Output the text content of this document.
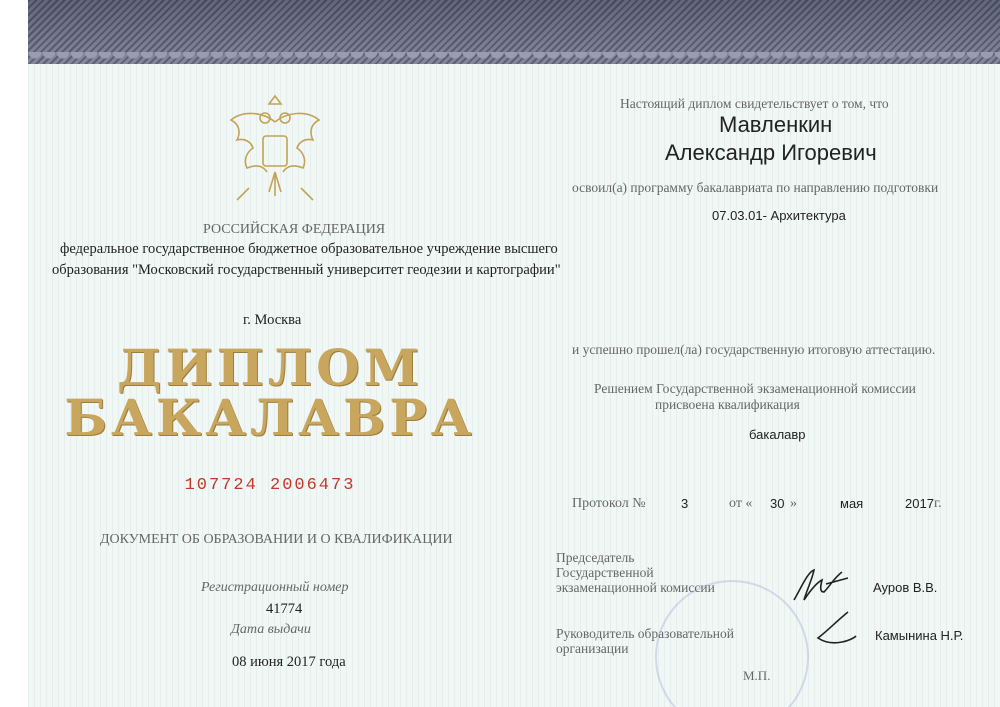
РОССИЙСКАЯ ФЕДЕРАЦИЯ
федеральное государственное бюджетное образовательное учреждение высшего
образования "Московский государственный университет геодезии и картографии"
г. Москва
ДИПЛОМ
БАКАЛАВРА
107724 2006473
ДОКУМЕНТ ОБ ОБРАЗОВАНИИ И О КВАЛИФИКАЦИИ
Регистрационный номер
41774
Дата выдачи
08 июня 2017 года
Настоящий диплом свидетельствует о том, что
Мавленкин
Александр Игоревич
освоил(а) программу бакалавриата по направлению подготовки
07.03.01- Архитектура
и успешно прошел(ла) государственную итоговую аттестацию.
Решением Государственной экзаменационной комиссии
присвоена квалификация
бакалавр
Протокол №	3	от « 30 »	мая	2017 г.
Председатель
Государственной
экзаменационной комиссии	Ауров В.В.
Руководитель образовательной
организации
Камынина Н.Р.
М.П.
